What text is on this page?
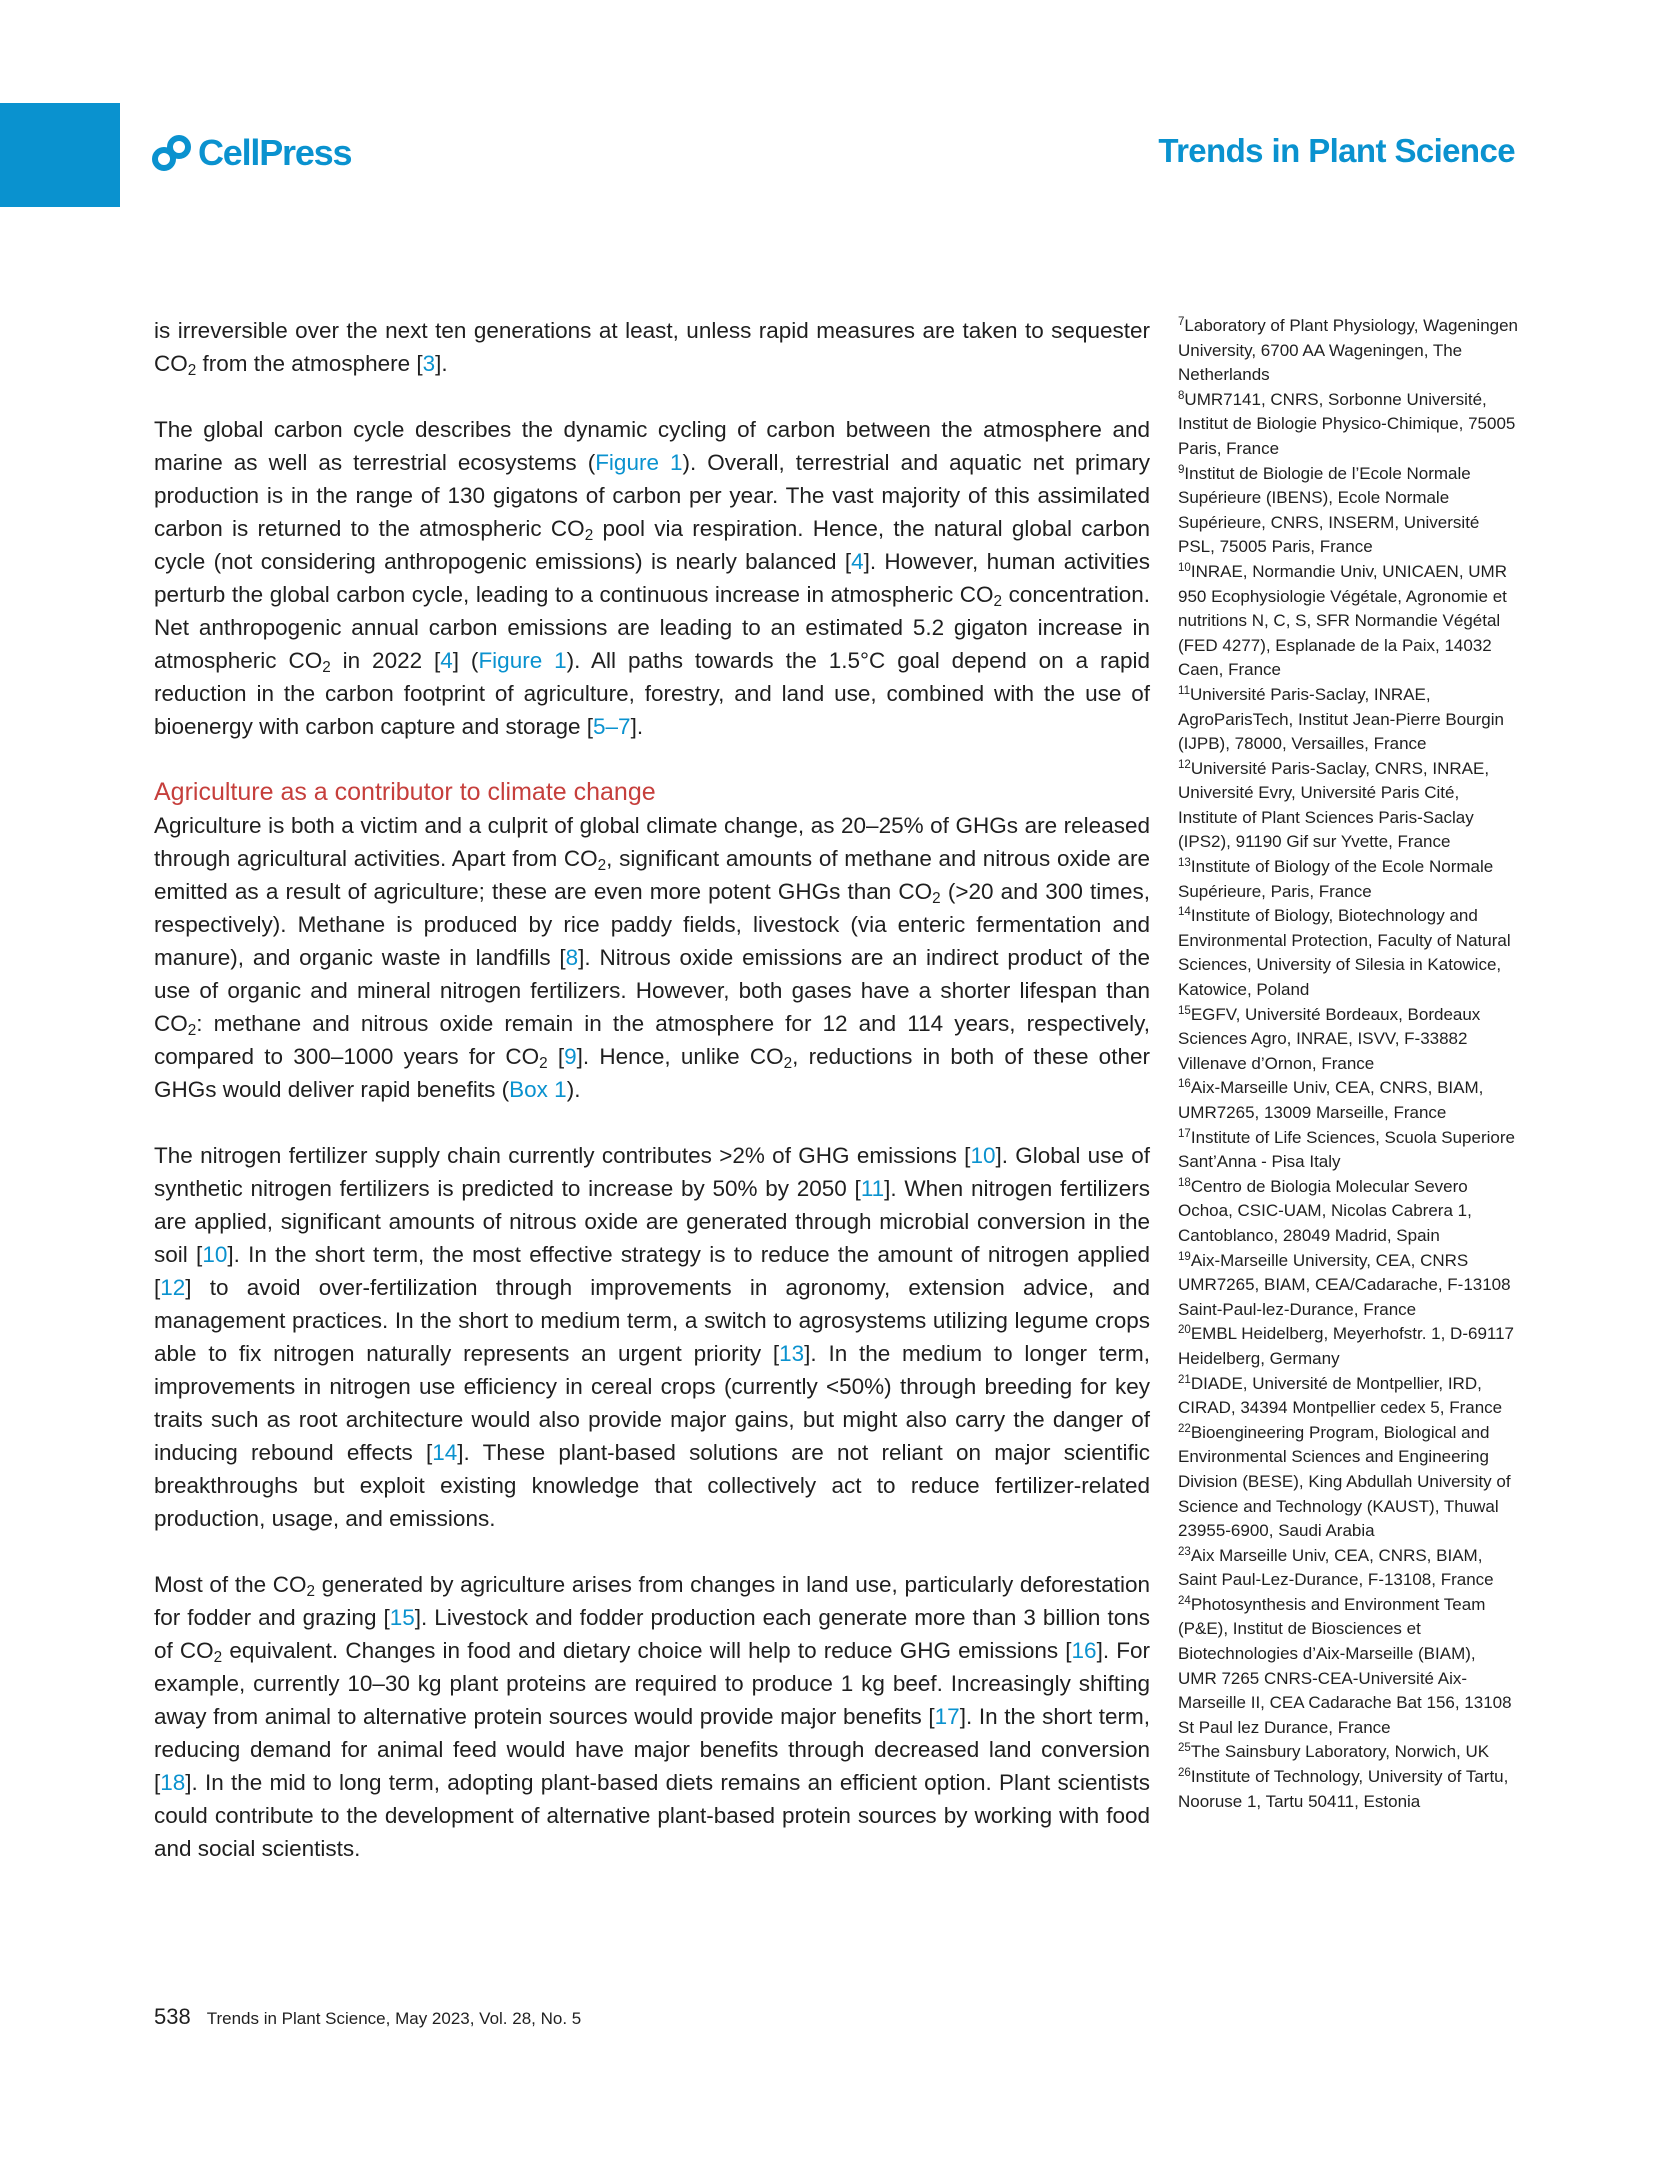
CellPress	Trends in Plant Science

is irreversible over the next ten generations at least, unless rapid measures are taken to sequester $CO_2$ from the atmosphere [3].

The global carbon cycle describes the dynamic cycling of carbon between the atmosphere and marine as well as terrestrial ecosystems (Figure 1). Overall, terrestrial and aquatic net primary production is in the range of 130 gigatons of carbon per year. The vast majority of this assimilated carbon is returned to the atmospheric $CO_2$ pool via respiration. Hence, the natural global carbon cycle (not considering anthropogenic emissions) is nearly balanced [4]. However, human activities perturb the global carbon cycle, leading to a continuous increase in atmospheric $CO_2$ concentration. Net anthropogenic annual carbon emissions are leading to an estimated 5.2 gigaton increase in atmospheric $CO_2$ in 2022 [4] (Figure 1). All paths towards the 1.5°C goal depend on a rapid reduction in the carbon footprint of agriculture, forestry, and land use, combined with the use of bioenergy with carbon capture and storage [5–7].

Agriculture as a contributor to climate change

Agriculture is both a victim and a culprit of global climate change, as 20–25% of GHGs are released through agricultural activities. Apart from $CO_2$, significant amounts of methane and nitrous oxide are emitted as a result of agriculture; these are even more potent GHGs than $CO_2$ (>20 and 300 times, respectively). Methane is produced by rice paddy fields, livestock (via enteric fermentation and manure), and organic waste in landfills [8]. Nitrous oxide emissions are an indirect product of the use of organic and mineral nitrogen fertilizers. However, both gases have a shorter lifespan than $CO_2$: methane and nitrous oxide remain in the atmosphere for 12 and 114 years, respectively, compared to 300–1000 years for $CO_2$ [9]. Hence, unlike $CO_2$, reductions in both of these other GHGs would deliver rapid benefits (Box 1).

The nitrogen fertilizer supply chain currently contributes >2% of GHG emissions [10]. Global use of synthetic nitrogen fertilizers is predicted to increase by 50% by 2050 [11]. When nitrogen fertilizers are applied, significant amounts of nitrous oxide are generated through microbial conversion in the soil [10]. In the short term, the most effective strategy is to reduce the amount of nitrogen applied [12] to avoid over-fertilization through improvements in agronomy, extension advice, and management practices. In the short to medium term, a switch to agrosystems utilizing legume crops able to fix nitrogen naturally represents an urgent priority [13]. In the medium to longer term, improvements in nitrogen use efficiency in cereal crops (currently <50%) through breeding for key traits such as root architecture would also provide major gains, but might also carry the danger of inducing rebound effects [14]. These plant-based solutions are not reliant on major scientific breakthroughs but exploit existing knowledge that collectively act to reduce fertilizer-related production, usage, and emissions.

Most of the $CO_2$ generated by agriculture arises from changes in land use, particularly deforestation for fodder and grazing [15]. Livestock and fodder production each generate more than 3 billion tons of $CO_2$ equivalent. Changes in food and dietary choice will help to reduce GHG emissions [16]. For example, currently 10–30 kg plant proteins are required to produce 1 kg beef. Increasingly shifting away from animal to alternative protein sources would provide major benefits [17]. In the short term, reducing demand for animal feed would have major benefits through decreased land conversion [18]. In the mid to long term, adopting plant-based diets remains an efficient option. Plant scientists could contribute to the development of alternative plant-based protein sources by working with food and social scientists.

$^7$Laboratory of Plant Physiology, Wageningen University, 6700 AA Wageningen, The Netherlands
$^8$UMR7141, CNRS, Sorbonne Université, Institut de Biologie Physico-Chimique, 75005 Paris, France
$^9$Institut de Biologie de l’Ecole Normale Supérieure (IBENS), Ecole Normale Supérieure, CNRS, INSERM, Université PSL, 75005 Paris, France
$^{10}$INRAE, Normandie Univ, UNICAEN, UMR 950 Ecophysiologie Végétale, Agronomie et nutritions N, C, S, SFR Normandie Végétal (FED 4277), Esplanade de la Paix, 14032 Caen, France
$^{11}$Université Paris-Saclay, INRAE, AgroParisTech, Institut Jean-Pierre Bourgin (IJPB), 78000, Versailles, France
$^{12}$Université Paris-Saclay, CNRS, INRAE, Université Evry, Université Paris Cité, Institute of Plant Sciences Paris-Saclay (IPS2), 91190 Gif sur Yvette, France
$^{13}$Institute of Biology of the Ecole Normale Supérieure, Paris, France
$^{14}$Institute of Biology, Biotechnology and Environmental Protection, Faculty of Natural Sciences, University of Silesia in Katowice, Katowice, Poland
$^{15}$EGFV, Université Bordeaux, Bordeaux Sciences Agro, INRAE, ISVV, F-33882 Villenave d’Ornon, France
$^{16}$Aix-Marseille Univ, CEA, CNRS, BIAM, UMR7265, 13009 Marseille, France
$^{17}$Institute of Life Sciences, Scuola Superiore Sant’Anna - Pisa Italy
$^{18}$Centro de Biologia Molecular Severo Ochoa, CSIC-UAM, Nicolas Cabrera 1, Cantoblanco, 28049 Madrid, Spain
$^{19}$Aix-Marseille University, CEA, CNRS UMR7265, BIAM, CEA/Cadarache, F-13108 Saint-Paul-lez-Durance, France
$^{20}$EMBL Heidelberg, Meyerhofstr. 1, D-69117 Heidelberg, Germany
$^{21}$DIADE, Université de Montpellier, IRD, CIRAD, 34394 Montpellier cedex 5, France
$^{22}$Bioengineering Program, Biological and Environmental Sciences and Engineering Division (BESE), King Abdullah University of Science and Technology (KAUST), Thuwal 23955-6900, Saudi Arabia
$^{23}$Aix Marseille Univ, CEA, CNRS, BIAM, Saint Paul-Lez-Durance, F-13108, France
$^{24}$Photosynthesis and Environment Team (P&E), Institut de Biosciences et Biotechnologies d’Aix-Marseille (BIAM), UMR 7265 CNRS-CEA-Université Aix-Marseille II, CEA Cadarache Bat 156, 13108 St Paul lez Durance, France
$^{25}$The Sainsbury Laboratory, Norwich, UK
$^{26}$Institute of Technology, University of Tartu, Nooruse 1, Tartu 50411, Estonia
538 Trends in Plant Science, May 2023, Vol. 28, No. 5
